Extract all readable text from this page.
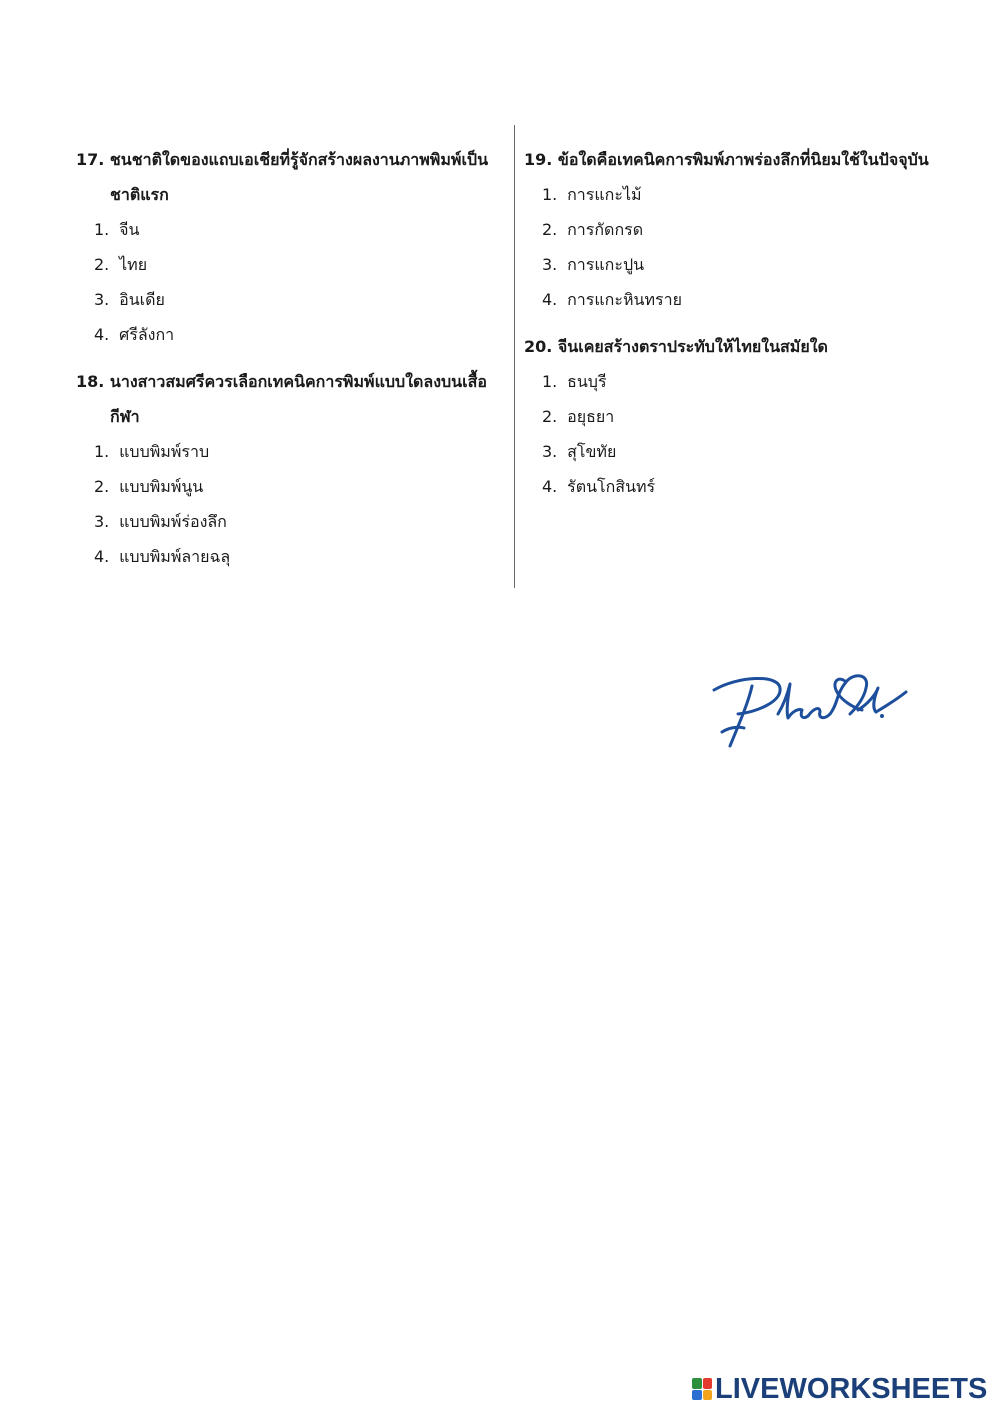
17. ชนชาติใดของแถบเอเชียที่รู้จักสร้างผลงานภาพพิมพ์เป็นชาติแรก

1. จีน

2. ไทย

3. อินเดีย

4. ศรีลังกา

18. นางสาวสมศรีควรเลือกเทคนิคการพิมพ์แบบใดลงบนเสื้อกีฬา

1. แบบพิมพ์ราบ

2. แบบพิมพ์นูน

3. แบบพิมพ์ร่องลึก

4. แบบพิมพ์ลายฉลุ

19. ข้อใดคือเทคนิคการพิมพ์ภาพร่องลึกที่นิยมใช้ในปัจจุบัน

1. การแกะไม้

2. การกัดกรด

3. การแกะปูน

4. การแกะหินทราย

20. จีนเคยสร้างตราประทับให้ไทยในสมัยใด

1. ธนบุรี

2. อยุธยา

3. สุโขทัย

4. รัตนโกสินทร์

LIVEWORKSHEETS
